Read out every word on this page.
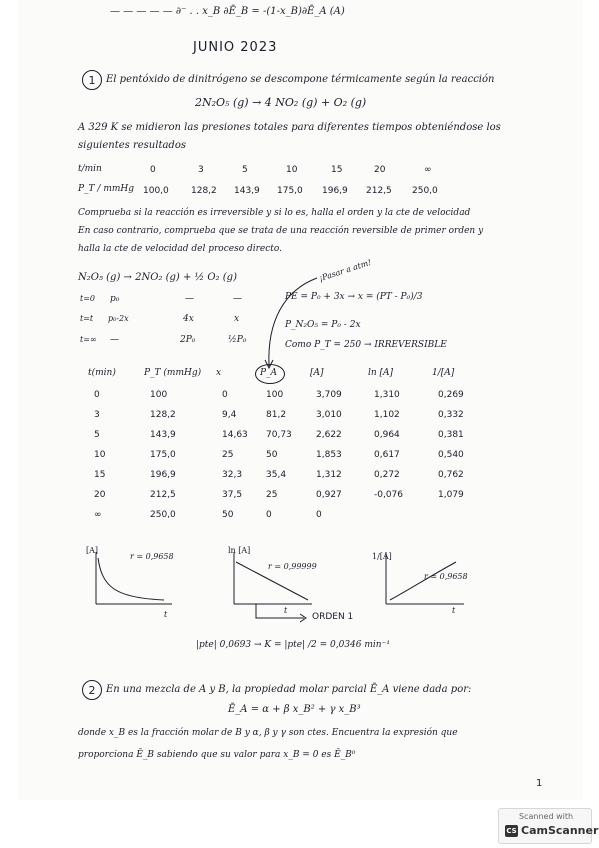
— — — — — ∂⁻ . . x_B ∂Ē_B = -(1-x_B)∂Ē_A (A)
JUNIO 2023
1	El pentóxido de dinitrógeno se descompone térmicamente según la reacción
2N₂O₅ (g) → 4 NO₂ (g) + O₂ (g)
A 329 K se midieron las presiones totales para diferentes tiempos obteniéndose los
siguientes resultados
t/min	0	3	5	10	15	20	∞
P_T / mmHg 100,0 128,2 143,9 175,0 196,9 212,5 250,0
Comprueba si la reacción es irreversible y si lo es, halla el orden y la cte de velocidad
En caso contrario, comprueba que se trata de una reacción reversible de primer orden y
halla la cte de velocidad del proceso directo.
N₂O₅ (g) → 2NO₂ (g) + ½ O₂ (g)	¡Pasar a atm!
t=0 p₀	—	—
t=t p₀-2x	4x	x
t=∞ —	2P₀	½P₀
PE = P₀ + 3x → x = (PT - P₀)/3
P_N₂O₅ = P₀ - 2x
Como P_T = 250 → IRREVERSIBLE
t(min)	P_T (mmHg) x	P_A	[A]	ln [A]	1/[A]
0	100	0	100	3,709	1,310	0,269
3	128,2	9,4	81,2	3,010	1,102	0,332
5	143,9	14,63 70,73	2,622	0,964	0,381
10	175,0	25	50	1,853	0,617	0,540
15	196,9	32,3	35,4	1,312	0,272	0,762
20	212,5	37,5	25	0,927	-0,076	1,079
∞	250,0	50	0	0
[A]
r = 0,9658
t
ln [A]
r = 0,99999
t
1/[A]
r = 0,9658
t
ORDEN 1
|pte| 0,0693 → K = |pte| /2 = 0,0346 min⁻¹
2	En una mezcla de A y B, la propiedad molar parcial Ē_A viene dada por:
Ē_A = α + β x_B² + γ x_B³
donde x_B es la fracción molar de B y α, β y γ son ctes. Encuentra la expresión que
proporciona Ē_B sabiendo que su valor para x_B = 0 es Ē_B⁰
1
Scanned with
CS CamScanner
